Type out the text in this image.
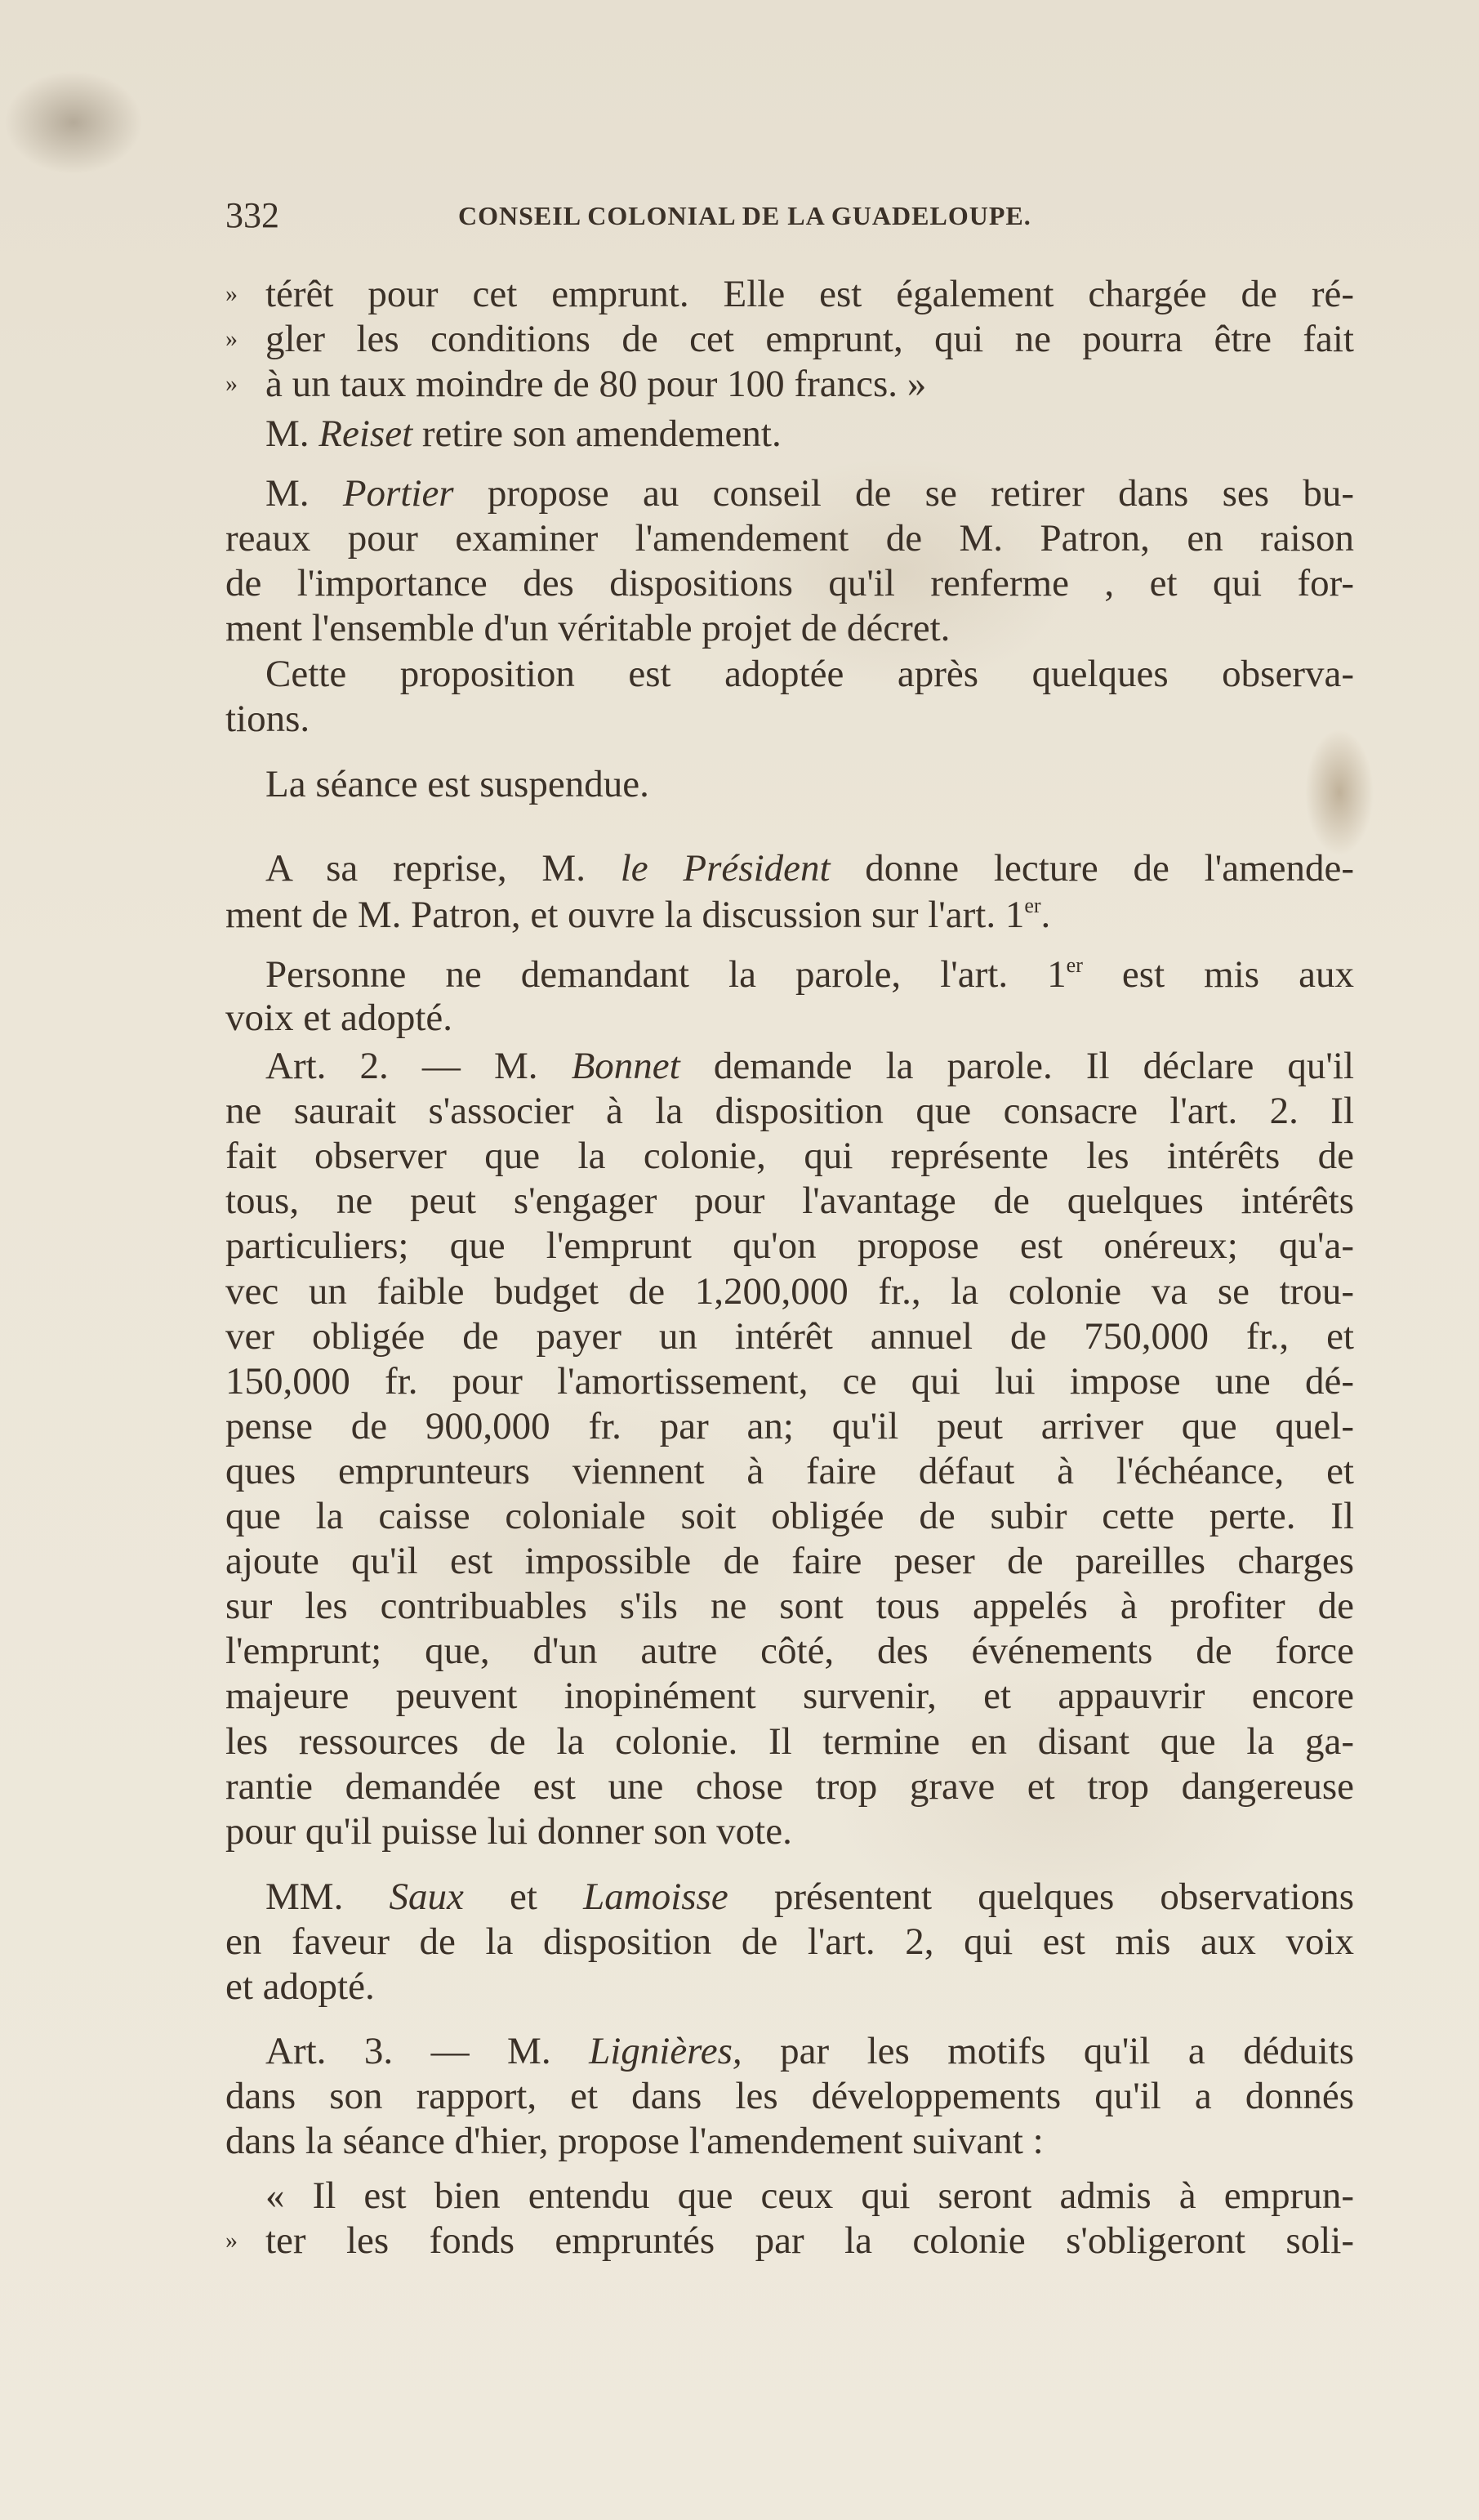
332	CONSEIL COLONIAL DE LA GUADELOUPE.
» térêt pour cet emprunt. Elle est également chargée de ré-
» gler les conditions de cet emprunt, qui ne pourra être fait
» à un taux moindre de 80 pour 100 francs. »
M. Reiset retire son amendement.
M. Portier propose au conseil de se retirer dans ses bu-
reaux pour examiner l'amendement de M. Patron, en raison
de l'importance des dispositions qu'il renferme , et qui for-
ment l'ensemble d'un véritable projet de décret.
Cette proposition est adoptée après quelques observa-
tions.
La séance est suspendue.
A sa reprise, M. le Président donne lecture de l'amende-
ment de M. Patron, et ouvre la discussion sur l'art. 1er.
Personne ne demandant la parole, l'art. 1er est mis aux
voix et adopté.
Art. 2. — M. Bonnet demande la parole. Il déclare qu'il
ne saurait s'associer à la disposition que consacre l'art. 2. Il
fait observer que la colonie, qui représente les intérêts de
tous, ne peut s'engager pour l'avantage de quelques intérêts
particuliers; que l'emprunt qu'on propose est onéreux; qu'a-
vec un faible budget de 1,200,000 fr., la colonie va se trou-
ver obligée de payer un intérêt annuel de 750,000 fr., et
150,000 fr. pour l'amortissement, ce qui lui impose une dé-
pense de 900,000 fr. par an; qu'il peut arriver que quel-
ques emprunteurs viennent à faire défaut à l'échéance, et
que la caisse coloniale soit obligée de subir cette perte. Il
ajoute qu'il est impossible de faire peser de pareilles charges
sur les contribuables s'ils ne sont tous appelés à profiter de
l'emprunt; que, d'un autre côté, des événements de force
majeure peuvent inopinément survenir, et appauvrir encore
les ressources de la colonie. Il termine en disant que la ga-
rantie demandée est une chose trop grave et trop dangereuse
pour qu'il puisse lui donner son vote.
MM. Saux et Lamoisse présentent quelques observations
en faveur de la disposition de l'art. 2, qui est mis aux voix
et adopté.
Art. 3. — M. Lignières, par les motifs qu'il a déduits
dans son rapport, et dans les développements qu'il a donnés
dans la séance d'hier, propose l'amendement suivant :
« Il est bien entendu que ceux qui seront admis à emprun-
» ter les fonds empruntés par la colonie s'obligeront soli-
